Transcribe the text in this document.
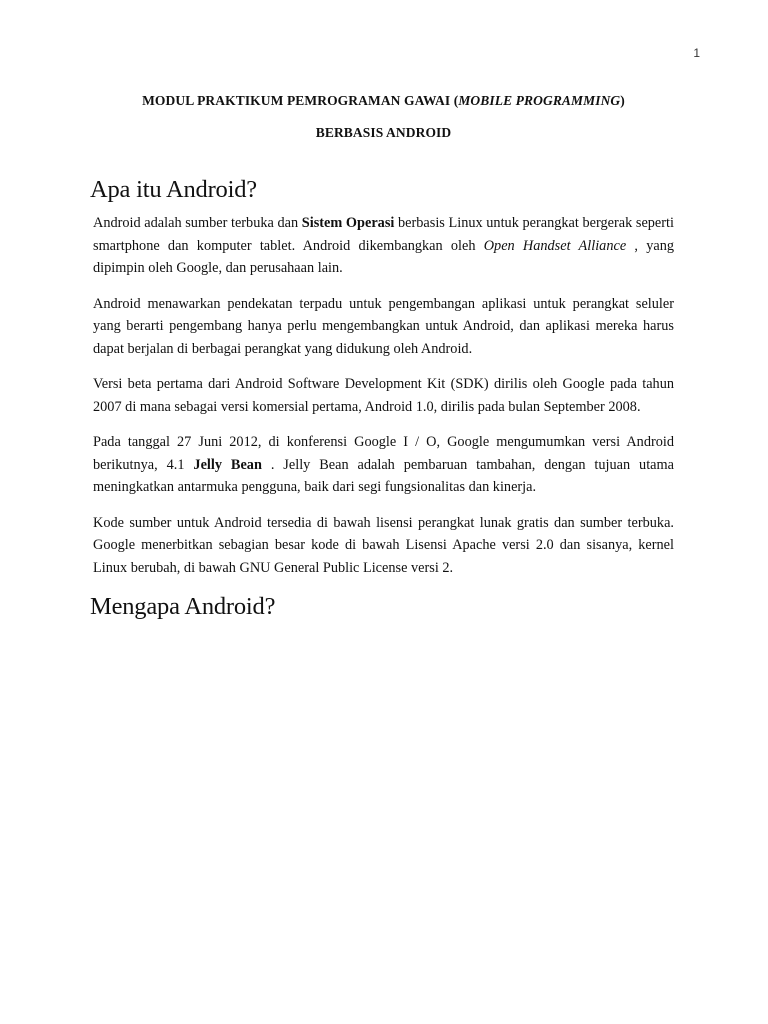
1
MODUL PRAKTIKUM PEMROGRAMAN GAWAI (MOBILE PROGRAMMING)
BERBASIS ANDROID
Apa itu Android?

Android adalah sumber terbuka dan Sistem Operasi berbasis Linux untuk perangkat bergerak seperti smartphone dan komputer tablet. Android dikembangkan oleh Open Handset Alliance , yang dipimpin oleh Google, dan perusahaan lain.

Android menawarkan pendekatan terpadu untuk pengembangan aplikasi untuk perangkat seluler yang berarti pengembang hanya perlu mengembangkan untuk Android, dan aplikasi mereka harus dapat berjalan di berbagai perangkat yang didukung oleh Android.

Versi beta pertama dari Android Software Development Kit (SDK) dirilis oleh Google pada tahun 2007 di mana sebagai versi komersial pertama, Android 1.0, dirilis pada bulan September 2008.

Pada tanggal 27 Juni 2012, di konferensi Google I / O, Google mengumumkan versi Android berikutnya, 4.1 Jelly Bean . Jelly Bean adalah pembaruan tambahan, dengan tujuan utama meningkatkan antarmuka pengguna, baik dari segi fungsionalitas dan kinerja.

Kode sumber untuk Android tersedia di bawah lisensi perangkat lunak gratis dan sumber terbuka. Google menerbitkan sebagian besar kode di bawah Lisensi Apache versi 2.0 dan sisanya, kernel Linux berubah, di bawah GNU General Public License versi 2.

Mengapa Android?
